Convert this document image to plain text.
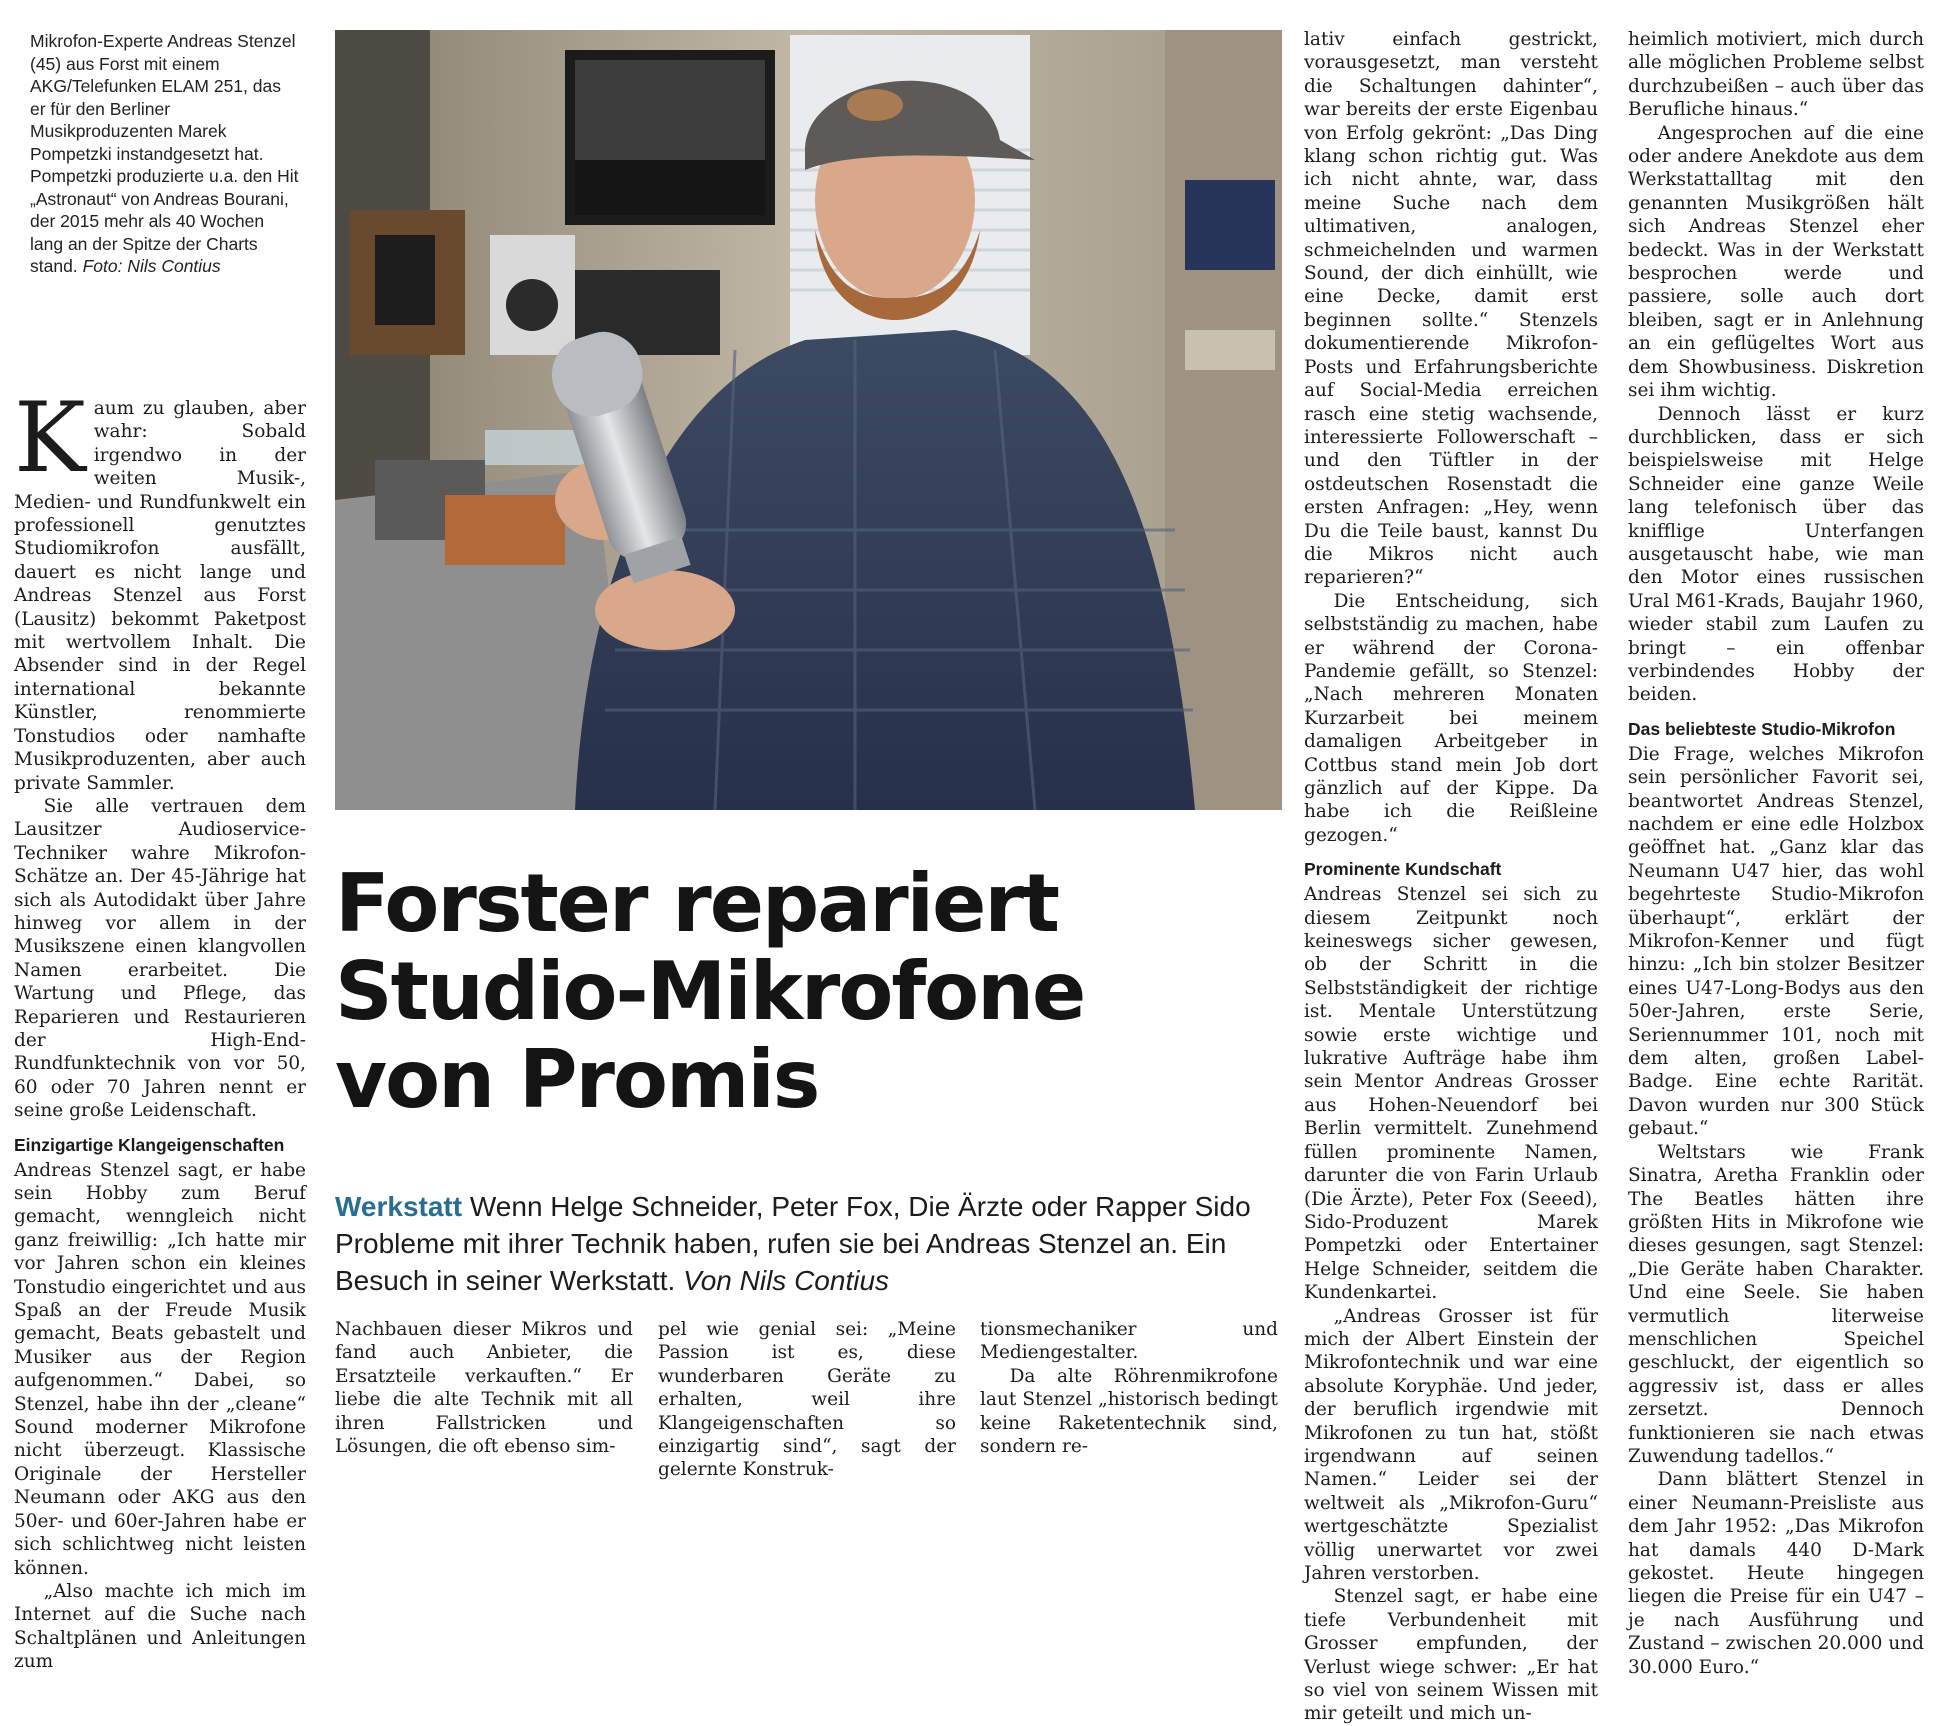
Mikrofon-Experte Andreas Stenzel (45) aus Forst mit einem AKG/Telefunken ELAM 251, das er für den Berliner Musikproduzenten Marek Pompetzki instandgesetzt hat. Pompetzki produzierte u.a. den Hit „Astronaut“ von Andreas Bourani, der 2015 mehr als 40 Wochen lang an der Spitze der Charts stand. Foto: Nils Contius

Kaum zu glauben, aber wahr: Sobald irgendwo in der weiten Musik-, Medien- und Rundfunkwelt ein professionell genutztes Studiomikrofon ausfällt, dauert es nicht lange und Andreas Stenzel aus Forst (Lausitz) bekommt Paketpost mit wertvollem Inhalt. Die Absender sind in der Regel international bekannte Künstler, renommierte Tonstudios oder namhafte Musikproduzenten, aber auch private Sammler.

Sie alle vertrauen dem Lausitzer Audioservice-Techniker wahre Mikrofon-Schätze an. Der 45-Jährige hat sich als Autodidakt über Jahre hinweg vor allem in der Musikszene einen klangvollen Namen erarbeitet. Die Wartung und Pflege, das Reparieren und Restaurieren der High-End-Rundfunktechnik von vor 50, 60 oder 70 Jahren nennt er seine große Leidenschaft.

Einzigartige Klangeigenschaften

Andreas Stenzel sagt, er habe sein Hobby zum Beruf gemacht, wenngleich nicht ganz freiwillig: „Ich hatte mir vor Jahren schon ein kleines Tonstudio eingerichtet und aus Spaß an der Freude Musik gemacht, Beats gebastelt und Musiker aus der Region aufgenommen.“ Dabei, so Stenzel, habe ihn der „cleane“ Sound moderner Mikrofone nicht überzeugt. Klassische Originale der Hersteller Neumann oder AKG aus den 50er- und 60er-Jahren habe er sich schlichtweg nicht leisten können.

„Also machte ich mich im Internet auf die Suche nach Schaltplänen und Anleitungen zum

Forster repariert Studio-Mikrofone von Promis
Werkstatt Wenn Helge Schneider, Peter Fox, Die Ärzte oder Rapper Sido Probleme mit ihrer Technik haben, rufen sie bei Andreas Stenzel an. Ein Besuch in seiner Werkstatt. Von Nils Contius

Nachbauen dieser Mikros und fand auch Anbieter, die Ersatzteile verkauften.“ Er liebe die alte Technik mit all ihren Fallstricken und Lösungen, die oft ebenso sim-

pel wie genial sei: „Meine Passion ist es, diese wunderbaren Geräte zu erhalten, weil ihre Klangeigenschaften so einzigartig sind“, sagt der gelernte Konstruk-

tionsmechaniker und Mediengestalter.

Da alte Röhrenmikrofone laut Stenzel „historisch bedingt keine Raketentechnik sind, sondern re-

lativ einfach gestrickt, vorausgesetzt, man versteht die Schaltungen dahinter“, war bereits der erste Eigenbau von Erfolg gekrönt: „Das Ding klang schon richtig gut. Was ich nicht ahnte, war, dass meine Suche nach dem ultimativen, analogen, schmeichelnden und warmen Sound, der dich einhüllt, wie eine Decke, damit erst beginnen sollte.“ Stenzels dokumentierende Mikrofon-Posts und Erfahrungsberichte auf Social-Media erreichen rasch eine stetig wachsende, interessierte Followerschaft – und den Tüftler in der ostdeutschen Rosenstadt die ersten Anfragen: „Hey, wenn Du die Teile baust, kannst Du die Mikros nicht auch reparieren?“

Die Entscheidung, sich selbstständig zu machen, habe er während der Corona-Pandemie gefällt, so Stenzel: „Nach mehreren Monaten Kurzarbeit bei meinem damaligen Arbeitgeber in Cottbus stand mein Job dort gänzlich auf der Kippe. Da habe ich die Reißleine gezogen.“

Prominente Kundschaft

Andreas Stenzel sei sich zu diesem Zeitpunkt noch keineswegs sicher gewesen, ob der Schritt in die Selbstständigkeit der richtige ist. Mentale Unterstützung sowie erste wichtige und lukrative Aufträge habe ihm sein Mentor Andreas Grosser aus Hohen-Neuendorf bei Berlin vermittelt. Zunehmend füllen prominente Namen, darunter die von Farin Urlaub (Die Ärzte), Peter Fox (Seeed), Sido-Produzent Marek Pompetzki oder Entertainer Helge Schneider, seitdem die Kundenkartei.

„Andreas Grosser ist für mich der Albert Einstein der Mikrofontechnik und war eine absolute Koryphäe. Und jeder, der beruflich irgendwie mit Mikrofonen zu tun hat, stößt irgendwann auf seinen Namen.“ Leider sei der weltweit als „Mikrofon-Guru“ wertgeschätzte Spezialist völlig unerwartet vor zwei Jahren verstorben.

Stenzel sagt, er habe eine tiefe Verbundenheit mit Grosser empfunden, der Verlust wiege schwer: „Er hat so viel von seinem Wissen mit mir geteilt und mich un-

heimlich motiviert, mich durch alle möglichen Probleme selbst durchzubeißen – auch über das Berufliche hinaus.“

Angesprochen auf die eine oder andere Anekdote aus dem Werkstattalltag mit den genannten Musikgrößen hält sich Andreas Stenzel eher bedeckt. Was in der Werkstatt besprochen werde und passiere, solle auch dort bleiben, sagt er in Anlehnung an ein geflügeltes Wort aus dem Showbusiness. Diskretion sei ihm wichtig.

Dennoch lässt er kurz durchblicken, dass er sich beispielsweise mit Helge Schneider eine ganze Weile lang telefonisch über das knifflige Unterfangen ausgetauscht habe, wie man den Motor eines russischen Ural M61-Krads, Baujahr 1960, wieder stabil zum Laufen zu bringt – ein offenbar verbindendes Hobby der beiden.

Das beliebteste Studio-Mikrofon

Die Frage, welches Mikrofon sein persönlicher Favorit sei, beantwortet Andreas Stenzel, nachdem er eine edle Holzbox geöffnet hat. „Ganz klar das Neumann U47 hier, das wohl begehrteste Studio-Mikrofon überhaupt“, erklärt der Mikrofon-Kenner und fügt hinzu: „Ich bin stolzer Besitzer eines U47-Long-Bodys aus den 50er-Jahren, erste Serie, Seriennummer 101, noch mit dem alten, großen Label-Badge. Eine echte Rarität. Davon wurden nur 300 Stück gebaut.“

Weltstars wie Frank Sinatra, Aretha Franklin oder The Beatles hätten ihre größten Hits in Mikrofone wie dieses gesungen, sagt Stenzel: „Die Geräte haben Charakter. Und eine Seele. Sie haben vermutlich literweise menschlichen Speichel geschluckt, der eigentlich so aggressiv ist, dass er alles zersetzt. Dennoch funktionieren sie nach etwas Zuwendung tadellos.“

Dann blättert Stenzel in einer Neumann-Preisliste aus dem Jahr 1952: „Das Mikrofon hat damals 440 D-Mark gekostet. Heute hingegen liegen die Preise für ein U47 – je nach Ausführung und Zustand – zwischen 20.000 und 30.000 Euro.“
